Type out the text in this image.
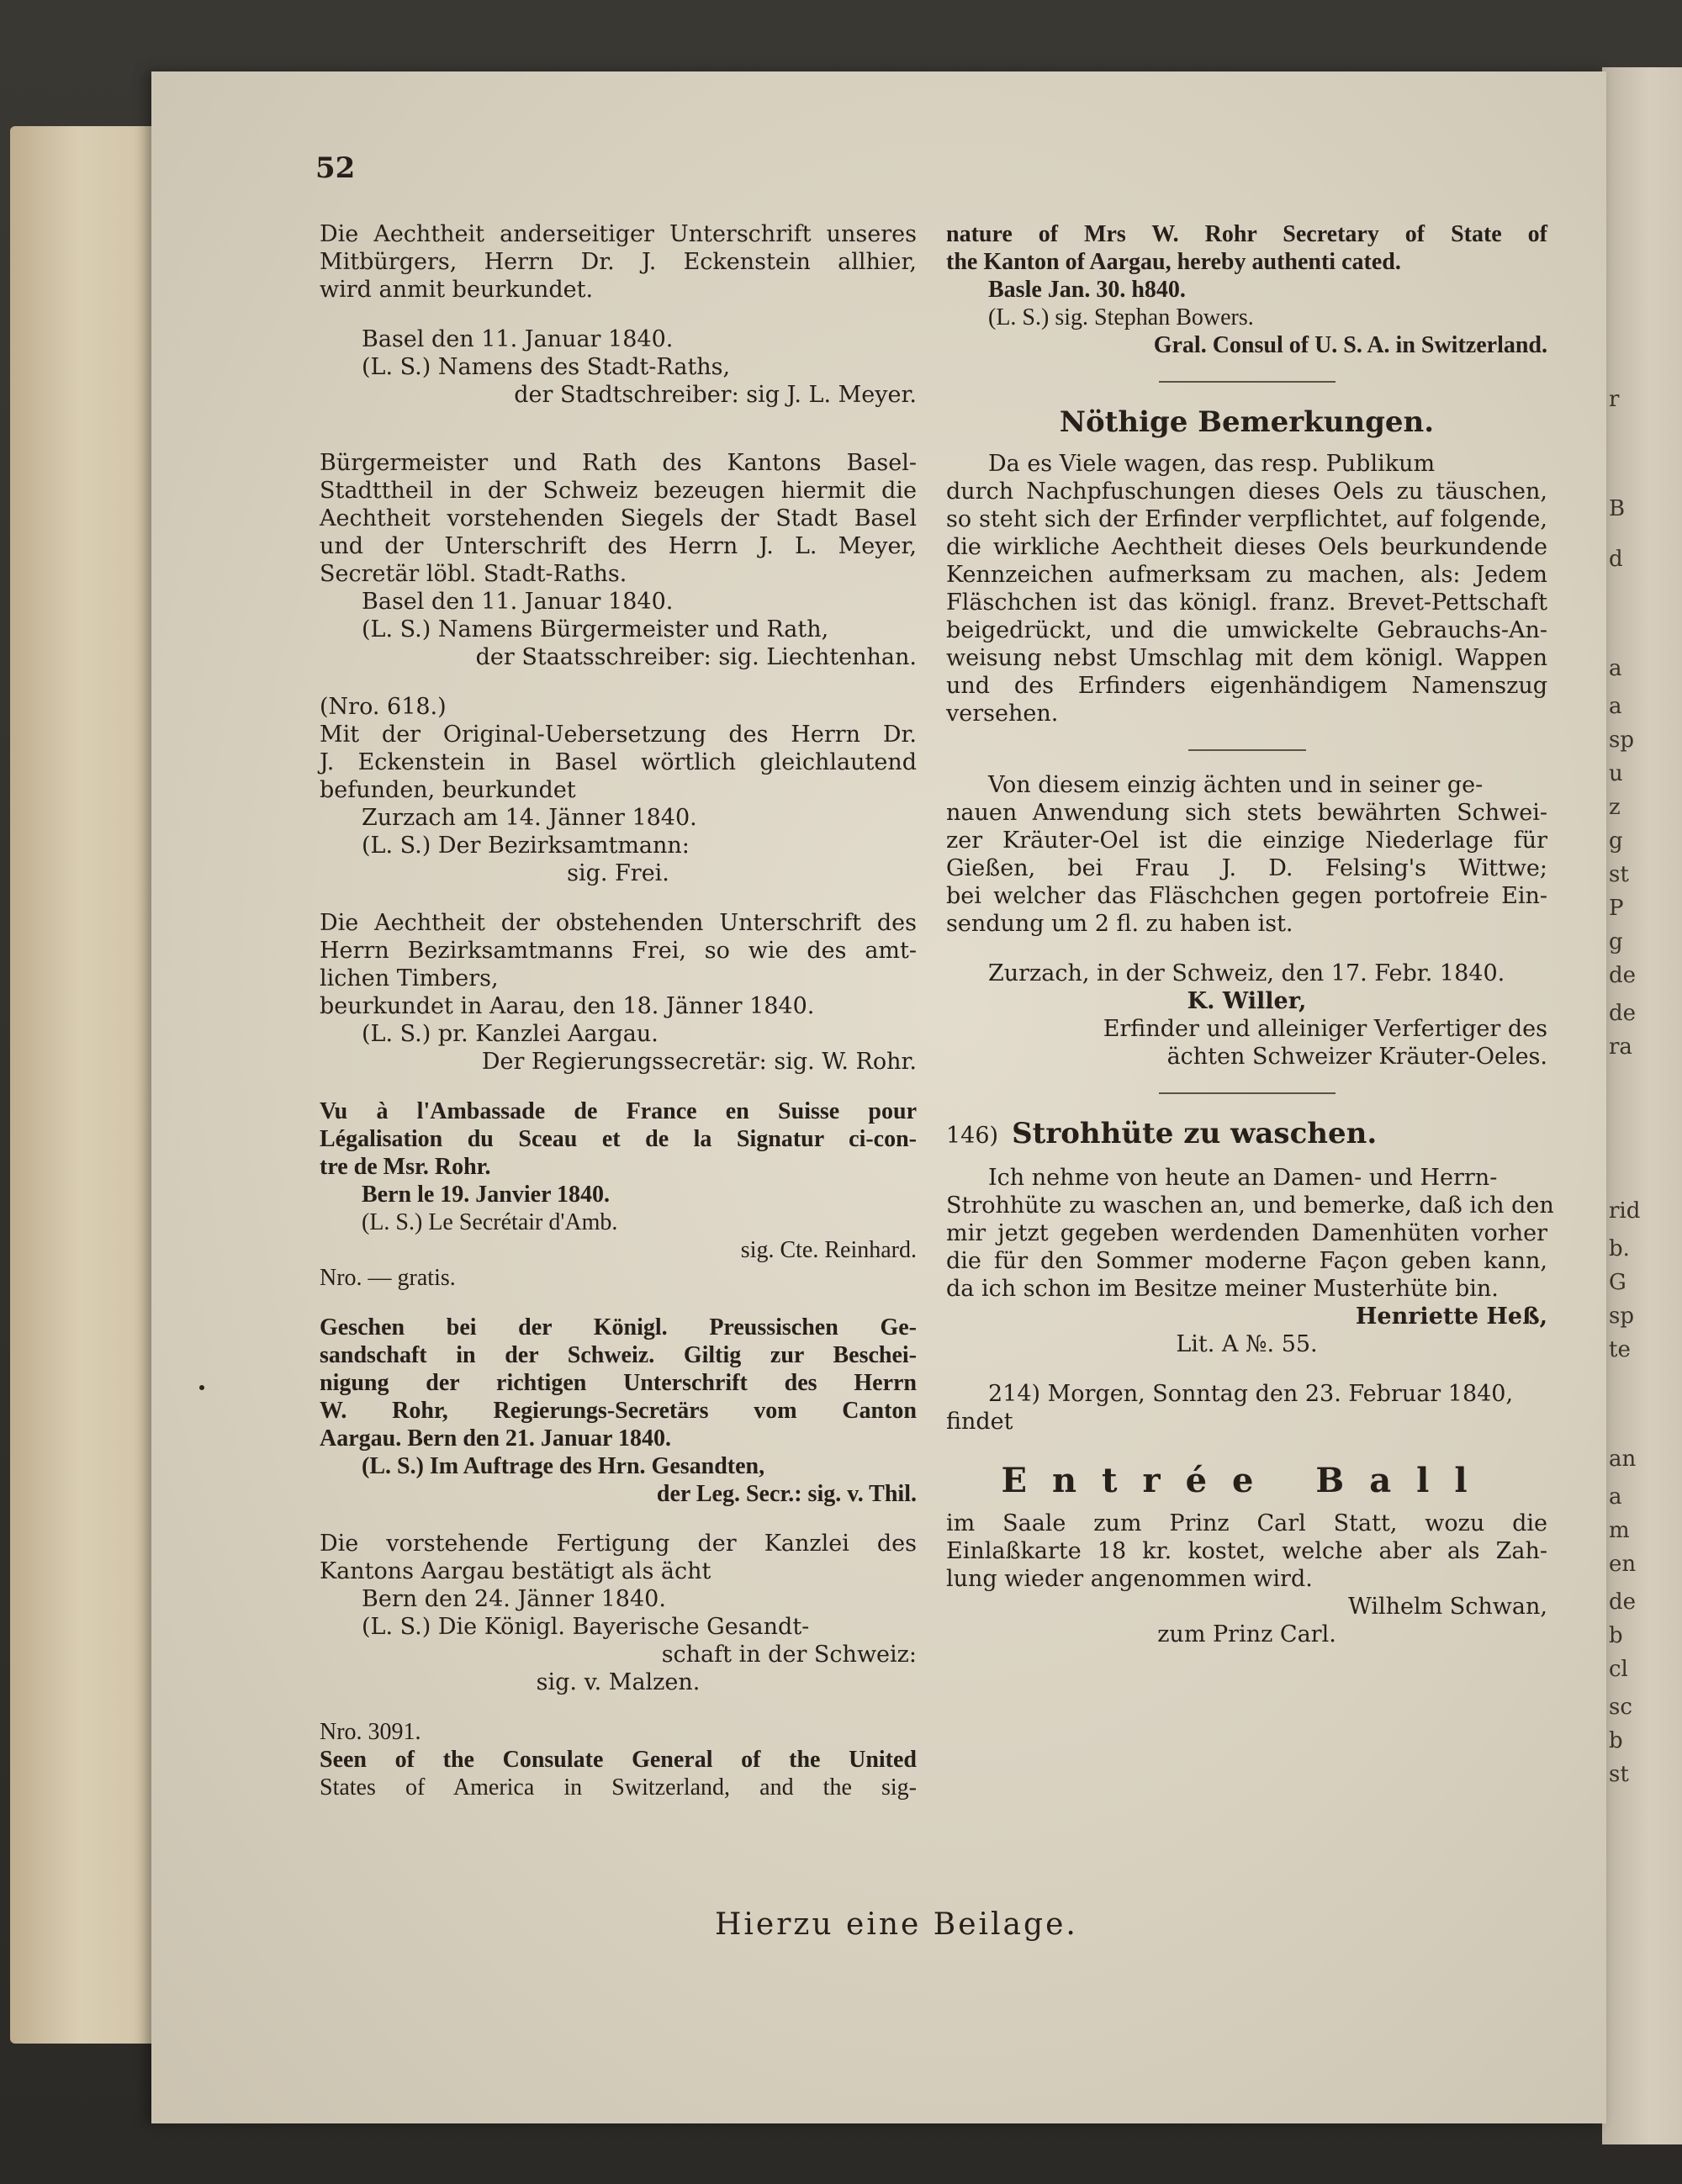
r
B
d
a
a
sp
u
z
g
st
P
g
de
de
ra
rid
b.
G
sp
te
an
a
m
en
de
b
cl
sc
b
st
52
Die Aechtheit anderseitiger Unterschrift unseres
Mitbürgers, Herrn Dr. J. Eckenstein allhier,
wird anmit beurkundet.
Basel den 11. Januar 1840.
(L. S.) Namens des Stadt-Raths,
der Stadtschreiber: sig J. L. Meyer.
Bürgermeister und Rath des Kantons Basel-
Stadttheil in der Schweiz bezeugen hiermit die
Aechtheit vorstehenden Siegels der Stadt Basel
und der Unterschrift des Herrn J. L. Meyer,
Secretär löbl. Stadt-Raths.
Basel den 11. Januar 1840.
(L. S.) Namens Bürgermeister und Rath,
der Staatsschreiber: sig. Liechtenhan.
(Nro. 618.)
Mit der Original-Uebersetzung des Herrn Dr.
J. Eckenstein in Basel wörtlich gleichlautend
befunden, beurkundet
Zurzach am 14. Jänner 1840.
(L. S.) Der Bezirksamtmann:
sig. Frei.
Die Aechtheit der obstehenden Unterschrift des
Herrn Bezirksamtmanns Frei, so wie des amt-
lichen Timbers,
beurkundet in Aarau, den 18. Jänner 1840.
(L. S.) pr. Kanzlei Aargau.
Der Regierungssecretär: sig. W. Rohr.
Vu à l'Ambassade de France en Suisse pour
Légalisation du Sceau et de la Signatur ci-con-
tre de Msr. Rohr.
Bern le 19. Janvier 1840.
(L. S.) Le Secrétair d'Amb.
sig. Cte. Reinhard.
Nro. — gratis.
Geschen bei der Königl. Preussischen Ge-
sandschaft in der Schweiz. Giltig zur Beschei-
nigung der richtigen Unterschrift des Herrn
W. Rohr, Regierungs-Secretärs vom Canton
Aargau. Bern den 21. Januar 1840.
(L. S.) Im Auftrage des Hrn. Gesandten,
der Leg. Secr.: sig. v. Thil.
Die vorstehende Fertigung der Kanzlei des
Kantons Aargau bestätigt als ächt
Bern den 24. Jänner 1840.
(L. S.) Die Königl. Bayerische Gesandt-
schaft in der Schweiz:
sig. v. Malzen.
Nro. 3091.
Seen of the Consulate General of the United
States of America in Switzerland, and the sig-
nature of Mrs W. Rohr Secretary of State of
the Kanton of Aargau, hereby authenti cated.
Basle Jan. 30. h840.
(L. S.) sig. Stephan Bowers.
Gral. Consul of U. S. A. in Switzerland.
Nöthige Bemerkungen.
Da es Viele wagen, das resp. Publikum
durch Nachpfuschungen dieses Oels zu täuschen,
so steht sich der Erfinder verpflichtet, auf folgende,
die wirkliche Aechtheit dieses Oels beurkundende
Kennzeichen aufmerksam zu machen, als: Jedem
Fläschchen ist das königl. franz. Brevet-Pettschaft
beigedrückt, und die umwickelte Gebrauchs-An-
weisung nebst Umschlag mit dem königl. Wappen
und des Erfinders eigenhändigem Namenszug
versehen.
Von diesem einzig ächten und in seiner ge-
nauen Anwendung sich stets bewährten Schwei-
zer Kräuter-Oel ist die einzige Niederlage für
Gießen, bei Frau J. D. Felsing's Wittwe;
bei welcher das Fläschchen gegen portofreie Ein-
sendung um 2 fl. zu haben ist.
Zurzach, in der Schweiz, den 17. Febr. 1840.
K. Willer,
Erfinder und alleiniger Verfertiger des
ächten Schweizer Kräuter-Oeles.
146) Strohhüte zu waschen.
Ich nehme von heute an Damen- und Herrn-
Strohhüte zu waschen an, und bemerke, daß ich den
mir jetzt gegeben werdenden Damenhüten vorher
die für den Sommer moderne Façon geben kann,
da ich schon im Besitze meiner Musterhüte bin.
Henriette Heß,
Lit. A №. 55.
214) Morgen, Sonntag den 23. Februar 1840,
findet
Entrée Ball
im Saale zum Prinz Carl Statt, wozu die
Einlaßkarte 18 kr. kostet, welche aber als Zah-
lung wieder angenommen wird.
Wilhelm Schwan,
zum Prinz Carl.
Hierzu eine Beilage.
